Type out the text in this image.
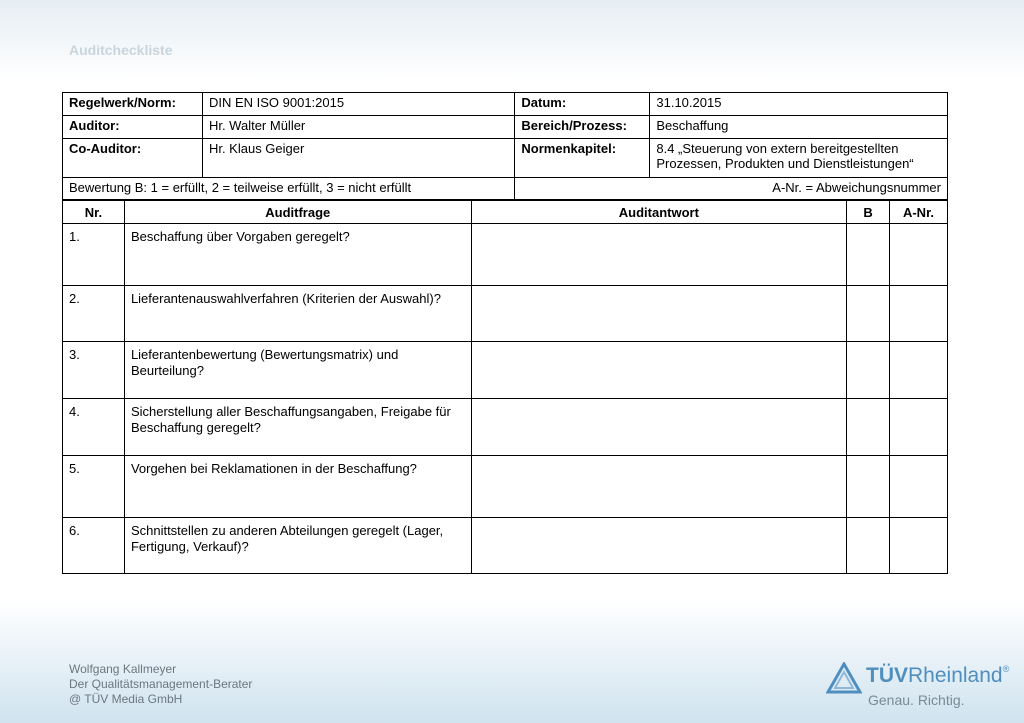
Auditcheckliste
Regelwerk/Norm:	DIN EN ISO 9001:2015	Datum:	31.10.2015
Auditor:	Hr. Walter Müller	Bereich/Prozess:	Beschaffung
Co-Auditor:	Hr. Klaus Geiger	Normenkapitel:	8.4 „Steuerung von extern bereitgestellten
Prozessen, Produkten und Dienstleistungen“

Bewertung B: 1 = erfüllt, 2 = teilweise erfüllt, 3 = nicht erfüllt		A-Nr. = Abweichungsnummer	
Nr.	Auditfrage	Auditantwort	B	A-Nr.
1.	Beschaffung über Vorgaben geregelt?			

2.	Lieferantenauswahlverfahren (Kriterien der Auswahl)?			

3.	Lieferantenbewertung (Bewertungsmatrix) und
Beurteilung?			

4.	Sicherstellung aller Beschaffungsangaben, Freigabe für
Beschaffung geregelt?			

5.	Vorgehen bei Reklamationen in der Beschaffung?			

6.	Schnittstellen zu anderen Abteilungen geregelt (Lager,
Fertigung, Verkauf)?			

Wolfgang Kallmeyer
Der Qualitätsmanagement-Berater
@ TÜV Media GmbH
TÜVRheinland®
Genau. Richtig.
